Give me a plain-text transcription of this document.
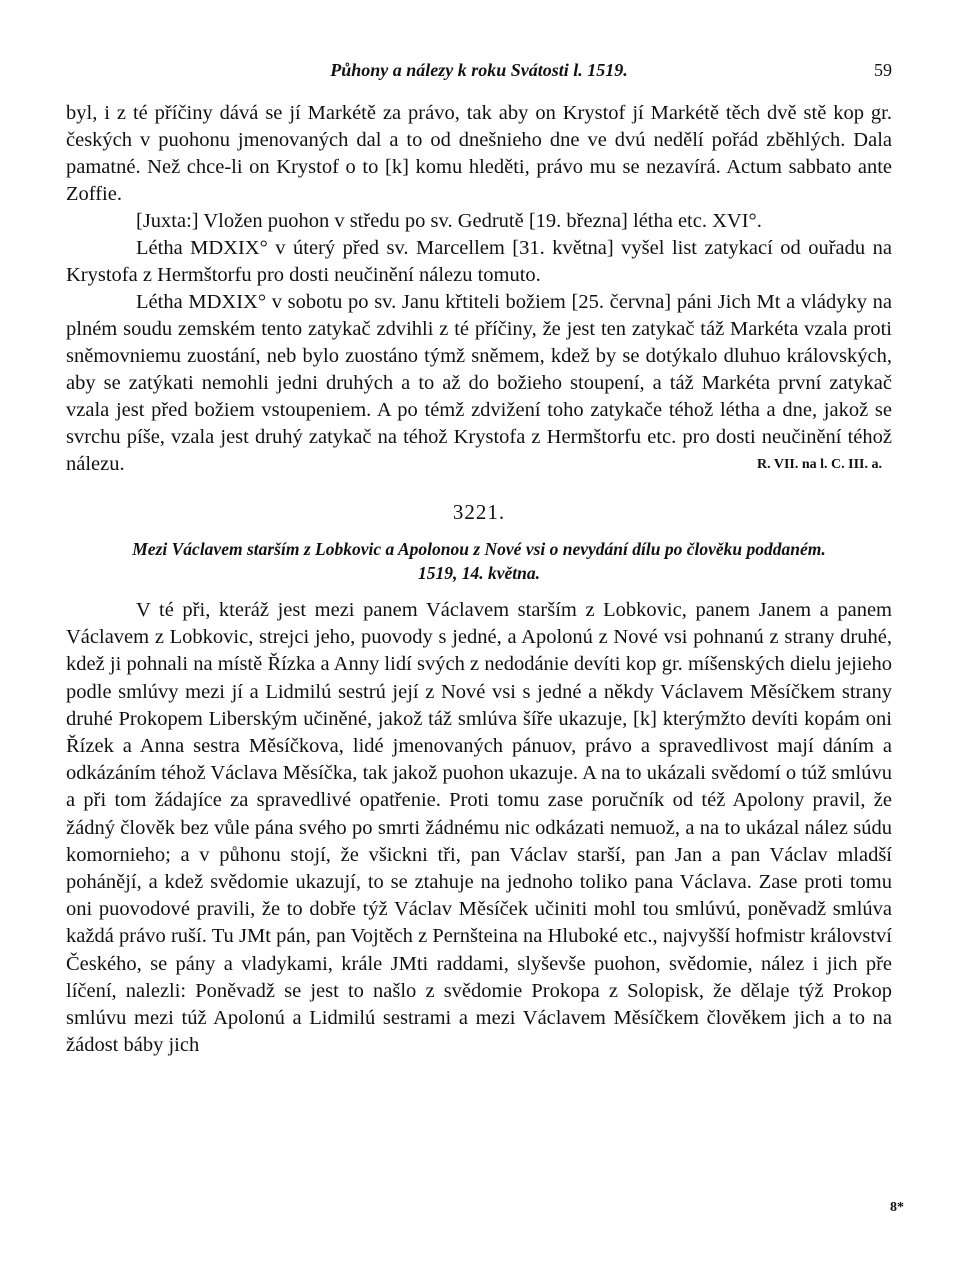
Půhony a nálezy k roku Svátosti l. 1519.	59

byl, i z té příčiny dává se jí Markétě za právo, tak aby on Krystof jí Markétě těch dvě stě kop gr. českých v puohonu jmenovaných dal a to od dnešnieho dne ve dvú nedělí pořád zběhlých. Dala pamatné. Než chce-li on Krystof o to [k] komu hleděti, právo mu se nezavírá. Actum sabbato ante Zoffie.

[Juxta:] Vložen puohon v středu po sv. Gedrutě [19. března] létha etc. XVI°.

Létha MDXIX° v úterý před sv. Marcellem [31. května] vyšel list zatykací od ouřadu na Krystofa z Hermštorfu pro dosti neučinění nálezu tomuto.

Létha MDXIX° v sobotu po sv. Janu křtiteli božiem [25. června] páni Jich Mt a vládyky na plném soudu zemském tento zatykač zdvihli z té příčiny, že jest ten zatykač táž Markéta vzala proti sněmovniemu zuostání, neb bylo zuostáno týmž sněmem, kdež by se dotýkalo dluhuo královských, aby se zatýkati nemohli jedni druhých a to až do božieho stoupení, a táž Markéta první zatykač vzala jest před božiem vstoupeniem. A po témž zdvižení toho zatykače téhož létha a dne, jakož se svrchu píše, vzala jest druhý zatykač na téhož Krystofa z Hermštorfu etc. pro dosti neučinění téhož nálezu.	R. VII. na l. C. III. a.
3221.
Mezi Václavem starším z Lobkovic a Apolonou z Nové vsi o nevydání dílu po člověku poddaném.
1519, 14. května.

V té při, kteráž jest mezi panem Václavem starším z Lobkovic, panem Janem a panem Václavem z Lobkovic, strejci jeho, puovody s jedné, a Apolonú z Nové vsi pohnanú z strany druhé, kdež ji pohnali na místě Řízka a Anny lidí svých z nedodánie devíti kop gr. míšenských dielu jejieho podle smlúvy mezi jí a Lidmilú sestrú její z Nové vsi s jedné a někdy Václavem Měsíčkem strany druhé Prokopem Liberským učiněné, jakož táž smlúva šíře ukazuje, [k] kterýmžto devíti kopám oni Řízek a Anna sestra Měsíčkova, lidé jmenovaných pánuov, právo a spravedlivost mají dáním a odkázáním téhož Václava Měsíčka, tak jakož puohon ukazuje. A na to ukázali svědomí o túž smlúvu a při tom žádajíce za spravedlivé opatřenie. Proti tomu zase poručník od též Apolony pravil, že žádný člověk bez vůle pána svého po smrti žádnému nic odkázati nemuož, a na to ukázal nález súdu komornieho; a v půhonu stojí, že všickni tři, pan Václav starší, pan Jan a pan Václav mladší pohánějí, a kdež svědomie ukazují, to se ztahuje na jednoho toliko pana Václava. Zase proti tomu oni puovodové pravili, že to dobře týž Václav Měsíček učiniti mohl tou smlúvú, poněvadž smlúva každá právo ruší. Tu JMt pán, pan Vojtěch z Pernšteina na Hluboké etc., najvyšší hofmistr království Českého, se pány a vladykami, krále JMti raddami, slyševše puohon, svědomie, nález i jich pře líčení, nalezli: Poněvadž se jest to našlo z svědomie Prokopa z Solopisk, že dělaje týž Prokop smlúvu mezi túž Apolonú a Lidmilú sestrami a mezi Václavem Měsíčkem člověkem jich a to na žádost báby jich

8*
